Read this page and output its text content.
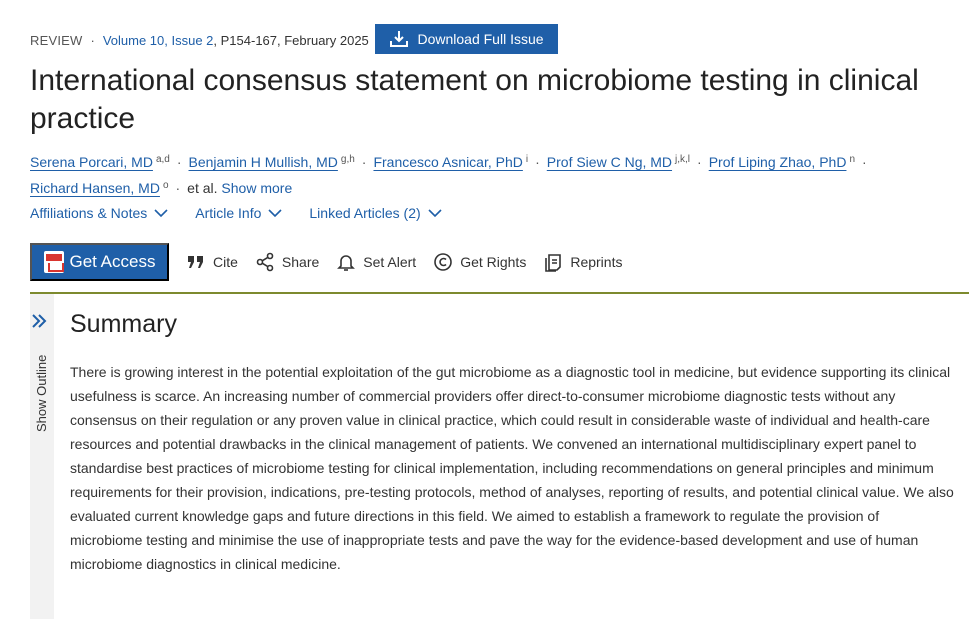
REVIEW · Volume 10, Issue 2 , P154-167, February 2025	Download Full Issue
International consensus statement on microbiome testing in clinical practice
Serena Porcari, MD $^{a,d}$ · Benjamin H Mullish, MD $^{g,h}$ · Francesco Asnicar, PhD $^i$ · Prof Siew C Ng, MD $^{j,k,l}$ · Prof Liping Zhao, PhD $^n$ ·
Richard Hansen, MD $^o$ · et al. Show more
Affiliations & Notes	Article Info	Linked Articles (2)
Get Access	Cite	Share	Set Alert	Get Rights	Reprints
Show Outline
Summary

There is growing interest in the potential exploitation of the gut microbiome as a diagnostic tool in medicine, but evidence supporting its clinical usefulness is scarce. An increasing number of commercial providers offer direct-to-consumer microbiome diagnostic tests without any consensus on their regulation or any proven value in clinical practice, which could result in considerable waste of individual and health-care resources and potential drawbacks in the clinical management of patients. We convened an international multidisciplinary expert panel to standardise best practices of microbiome testing for clinical implementation, including recommendations on general principles and minimum requirements for their provision, indications, pre-testing protocols, method of analyses, reporting of results, and potential clinical value. We also evaluated current knowledge gaps and future directions in this field. We aimed to establish a framework to regulate the provision of microbiome testing and minimise the use of inappropriate tests and pave the way for the evidence-based development and use of human microbiome diagnostics in clinical medicine.
